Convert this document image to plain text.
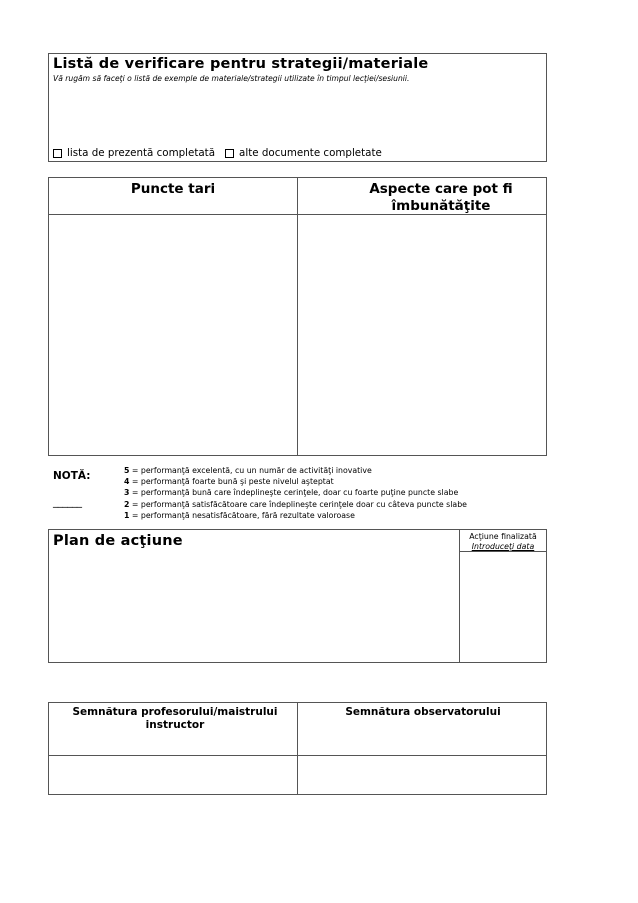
Listă de verificare pentru strategii/materiale
Vă rugăm să faceţi o listă de exemple de materiale/strategii utilizate în timpul lecţiei/sesiunii.
lista de prezentă completată alte documente completate
Puncte tari	Aspecte care pot fi
îmbunătăţite
NOTĂ:
______
5 = performanţă excelentă, cu un număr de activităţi inovative
4 = performanţă foarte bună şi peste nivelul aşteptat
3 = performanţă bună care îndeplineşte cerinţele, doar cu foarte puţine puncte slabe
2 = performanţă satisfăcătoare care îndeplineşte cerinţele doar cu câteva puncte slabe
1 = performanţă nesatisfăcătoare, fără rezultate valoroase
Plan de acţiune	Acţiune finalizată
Introduceţi data
Semnătura profesorului/maistrului
instructor
Semnătura observatorului
